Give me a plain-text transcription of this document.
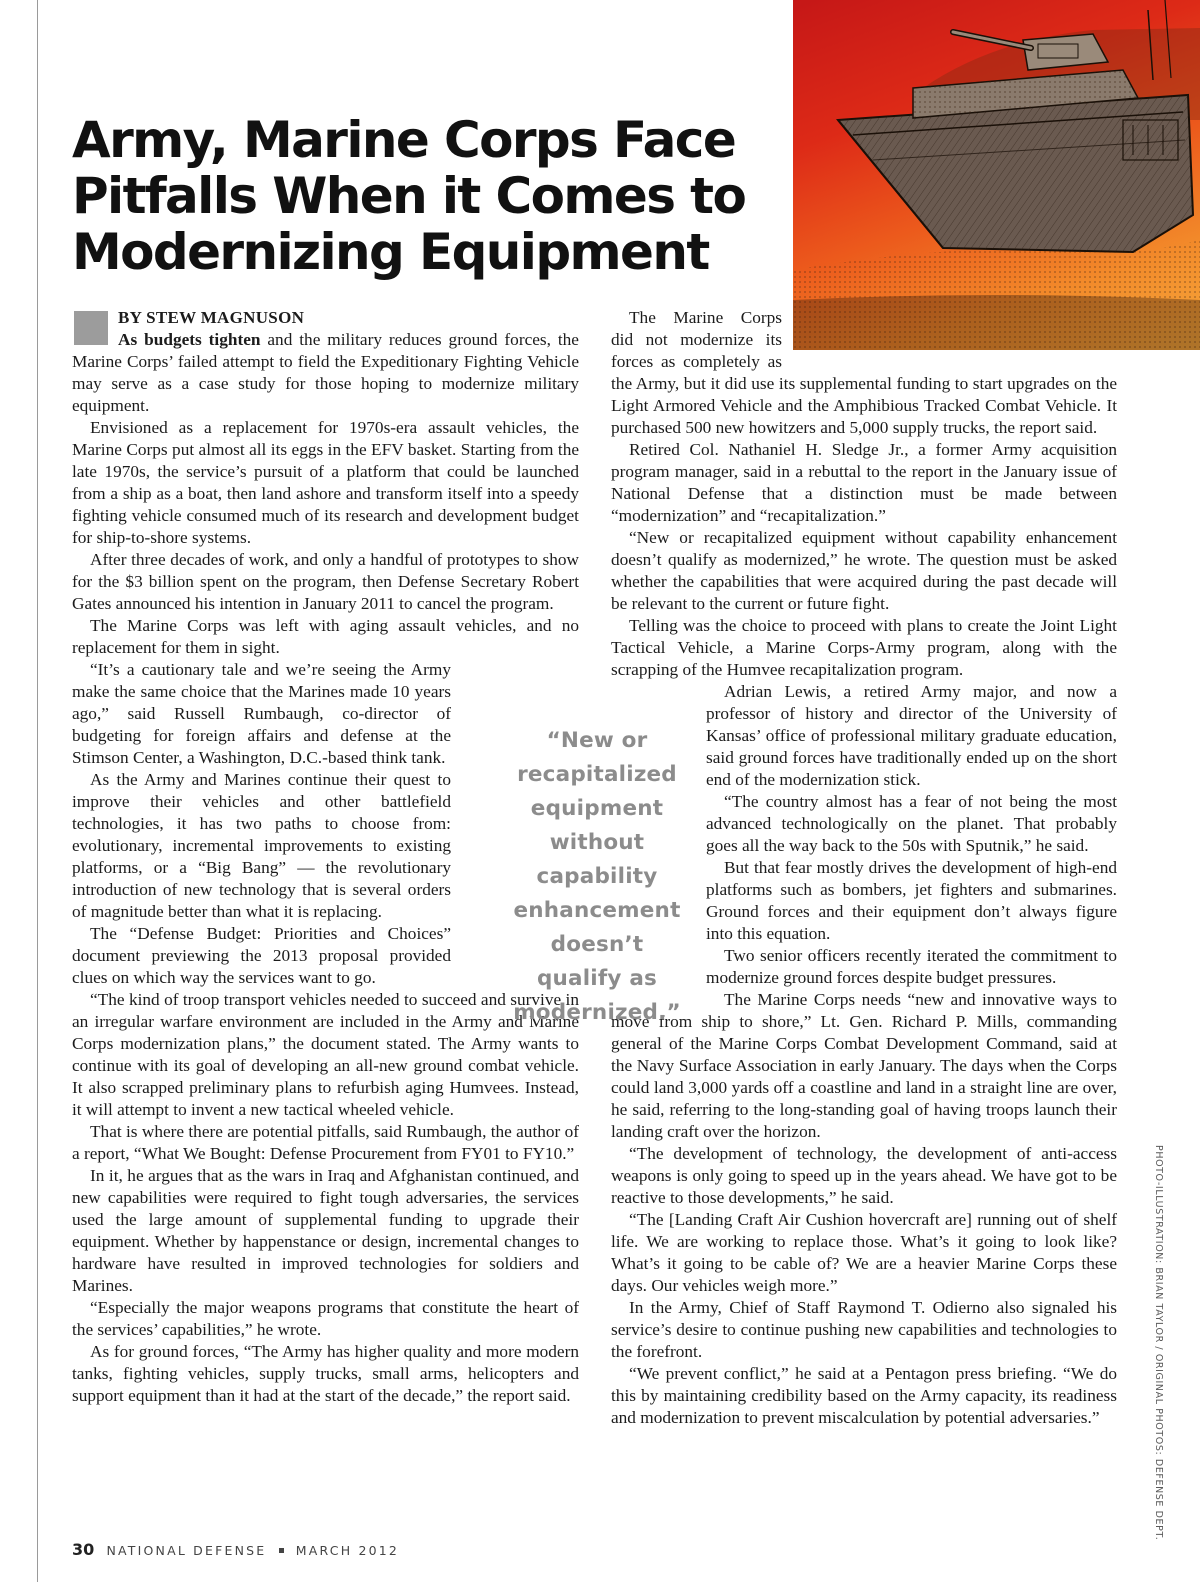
Army, Marine Corps Face Pitfalls When it Comes to Modernizing Equipment
BY STEW MAGNUSON

As budgets tighten and the military reduces ground forces, the Marine Corps’ failed attempt to field the Expeditionary Fighting Vehicle may serve as a case study for those hoping to modernize military equipment.

Envisioned as a replacement for 1970s-era assault vehicles, the Marine Corps put almost all its eggs in the EFV basket. Starting from the late 1970s, the service’s pursuit of a platform that could be launched from a ship as a boat, then land ashore and transform itself into a speedy fighting vehicle consumed much of its research and development budget for ship-to-shore systems.

After three decades of work, and only a handful of prototypes to show for the $3 billion spent on the program, then Defense Secretary Robert Gates announced his intention in January 2011 to cancel the program.

The Marine Corps was left with aging assault vehicles, and no replacement for them in sight.

“It’s a cautionary tale and we’re seeing the Army make the same choice that the Marines made 10 years ago,” said Russell Rumbaugh, co-director of budgeting for foreign affairs and defense at the Stimson Center, a Washington, D.C.-based think tank.

As the Army and Marines continue their quest to improve their vehicles and other battlefield technologies, it has two paths to choose from: evolutionary, incremental improvements to existing platforms, or a “Big Bang” — the revolutionary introduction of new technology that is several orders of magnitude better than what it is replacing.

The “Defense Budget: Priorities and Choices” document previewing the 2013 proposal provided clues on which way the services want to go.

“The kind of troop transport vehicles needed to succeed and survive in an irregular warfare environment are included in the Army and Marine Corps modernization plans,” the document stated. The Army wants to continue with its goal of developing an all-new ground combat vehicle. It also scrapped preliminary plans to refurbish aging Humvees. Instead, it will attempt to invent a new tactical wheeled vehicle.

That is where there are potential pitfalls, said Rumbaugh, the author of a report, “What We Bought: Defense Procurement from FY01 to FY10.”

In it, he argues that as the wars in Iraq and Afghanistan continued, and new capabilities were required to fight tough adversaries, the services used the large amount of supplemental funding to upgrade their equipment. Whether by happenstance or design, incremental changes to hardware have resulted in improved technologies for soldiers and Marines.

“Especially the major weapons programs that constitute the heart of the services’ capabilities,” he wrote.

As for ground forces, “The Army has higher quality and more modern tanks, fighting vehicles, supply trucks, small arms, helicopters and support equipment than it had at the start of the decade,” the report said.

The Marine Corps did not modernize its forces as completely as the Army, but it did use its supplemental funding to start upgrades on the Light Armored Vehicle and the Amphibious Tracked Combat Vehicle. It purchased 500 new howitzers and 5,000 supply trucks, the report said.

Retired Col. Nathaniel H. Sledge Jr., a former Army acquisition program manager, said in a rebuttal to the report in the January issue of National Defense that a distinction must be made between “modernization” and “recapitalization.”

“New or recapitalized equipment without capability enhancement doesn’t qualify as modernized,” he wrote. The question must be asked whether the capabilities that were acquired during the past decade will be relevant to the current or future fight.

Telling was the choice to proceed with plans to create the Joint Light Tactical Vehicle, a Marine Corps-Army program, along with the scrapping of the Humvee recapitalization program.

Adrian Lewis, a retired Army major, and now a professor of history and director of the University of Kansas’ office of professional military graduate education, said ground forces have traditionally ended up on the short end of the modernization stick.

“The country almost has a fear of not being the most advanced technologically on the planet. That probably goes all the way back to the 50s with Sputnik,” he said.

But that fear mostly drives the development of high-end platforms such as bombers, jet fighters and submarines. Ground forces and their equipment don’t always figure into this equation.

Two senior officers recently iterated the commitment to modernize ground forces despite budget pressures.

The Marine Corps needs “new and innovative ways to move from ship to shore,” Lt. Gen. Richard P. Mills, commanding general of the Marine Corps Combat Development Command, said at the Navy Surface Association in early January. The days when the Corps could land 3,000 yards off a coastline and land in a straight line are over, he said, referring to the long-standing goal of having troops launch their landing craft over the horizon.

“The development of technology, the development of anti-access weapons is only going to speed up in the years ahead. We have got to be reactive to those developments,” he said.

“The [Landing Craft Air Cushion hovercraft are] running out of shelf life. We are working to replace those. What’s it going to look like? What’s it going to be cable of? We are a heavier Marine Corps these days. Our vehicles weigh more.”

In the Army, Chief of Staff Raymond T. Odierno also signaled his service’s desire to continue pushing new capabilities and technologies to the forefront.

“We prevent conflict,” he said at a Pentagon press briefing. “We do this by maintaining credibility based on the Army capacity, its readiness and modernization to prevent miscalculation by potential adversaries.”

“New or recapitalized equipment without capability enhancement doesn’t qualify as modernized.”

PHOTO-ILLUSTRATION: BRIAN TAYLOR / ORIGINAL PHOTOS: DEFENSE DEPT.
30 NATIONAL DEFENSE MARCH 2012
